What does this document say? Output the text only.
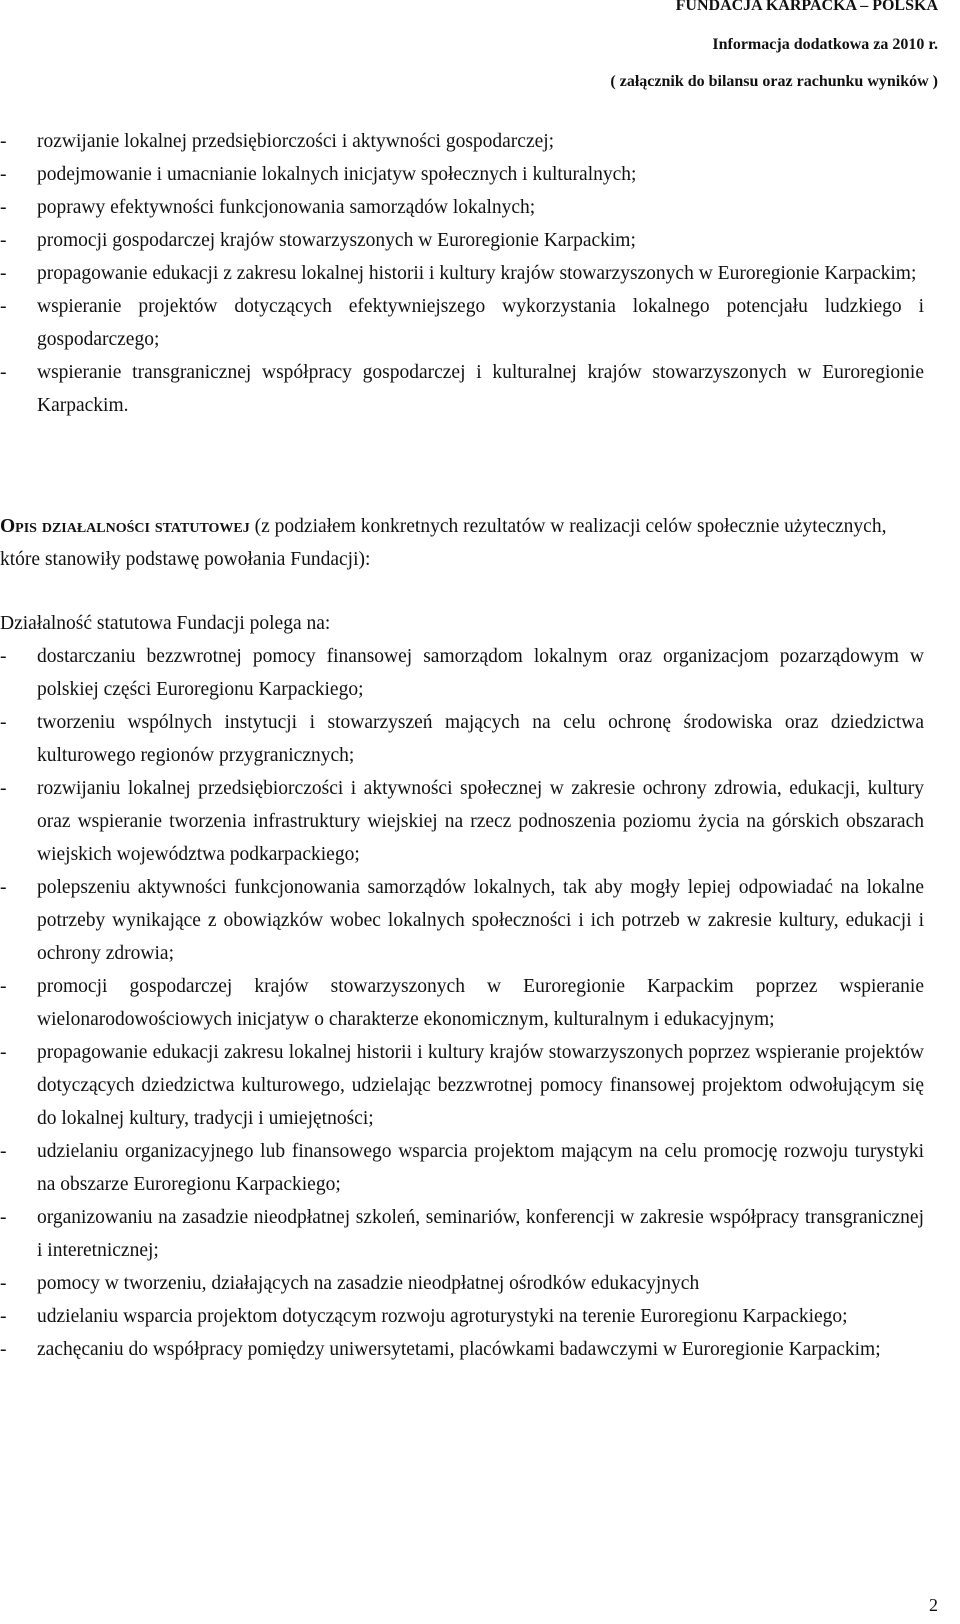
FUNDACJA KARPACKA – POLSKA
Informacja dodatkowa za 2010 r.
( załącznik do bilansu oraz rachunku wyników )
- rozwijanie lokalnej przedsiębiorczości i aktywności gospodarczej;
- podejmowanie i umacnianie lokalnych inicjatyw społecznych i kulturalnych;
- poprawy efektywności funkcjonowania samorządów lokalnych;
- promocji gospodarczej krajów stowarzyszonych w Euroregionie Karpackim;
- propagowanie edukacji z zakresu lokalnej historii i kultury krajów stowarzyszonych w Euroregionie Karpackim;
- wspieranie projektów dotyczących efektywniejszego wykorzystania lokalnego potencjału ludzkiego i gospodarczego;
- wspieranie transgranicznej współpracy gospodarczej i kulturalnej krajów stowarzyszonych w Euroregionie Karpackim.
Opis działalności statutowej (z podziałem konkretnych rezultatów w realizacji celów społecznie użytecznych, które stanowiły podstawę powołania Fundacji):
Działalność statutowa Fundacji polega na:
- dostarczaniu bezzwrotnej pomocy finansowej samorządom lokalnym oraz organizacjom pozarządowym w polskiej części Euroregionu Karpackiego;
- tworzeniu wspólnych instytucji i stowarzyszeń mających na celu ochronę środowiska oraz dziedzictwa kulturowego regionów przygranicznych;
- rozwijaniu lokalnej przedsiębiorczości i aktywności społecznej w zakresie ochrony zdrowia, edukacji, kultury oraz wspieranie tworzenia infrastruktury wiejskiej na rzecz podnoszenia poziomu życia na górskich obszarach wiejskich województwa podkarpackiego;
- polepszeniu aktywności funkcjonowania samorządów lokalnych, tak aby mogły lepiej odpowiadać na lokalne potrzeby wynikające z obowiązków wobec lokalnych społeczności i ich potrzeb w zakresie kultury, edukacji i ochrony zdrowia;
- promocji gospodarczej krajów stowarzyszonych w Euroregionie Karpackim poprzez wspieranie wielonarodowościowych inicjatyw o charakterze ekonomicznym, kulturalnym i edukacyjnym;
- propagowanie edukacji zakresu lokalnej historii i kultury krajów stowarzyszonych poprzez wspieranie projektów dotyczących dziedzictwa kulturowego, udzielając bezzwrotnej pomocy finansowej projektom odwołującym się do lokalnej kultury, tradycji i umiejętności;
- udzielaniu organizacyjnego lub finansowego wsparcia projektom mającym na celu promocję rozwoju turystyki na obszarze Euroregionu Karpackiego;
- organizowaniu na zasadzie nieodpłatnej szkoleń, seminariów, konferencji w zakresie współpracy transgranicznej i interetnicznej;
- pomocy w tworzeniu, działających na zasadzie nieodpłatnej ośrodków edukacyjnych
- udzielaniu wsparcia projektom dotyczącym rozwoju agroturystyki na terenie Euroregionu Karpackiego;
- zachęcaniu do współpracy pomiędzy uniwersytetami, placówkami badawczymi w Euroregionie Karpackim;
2
